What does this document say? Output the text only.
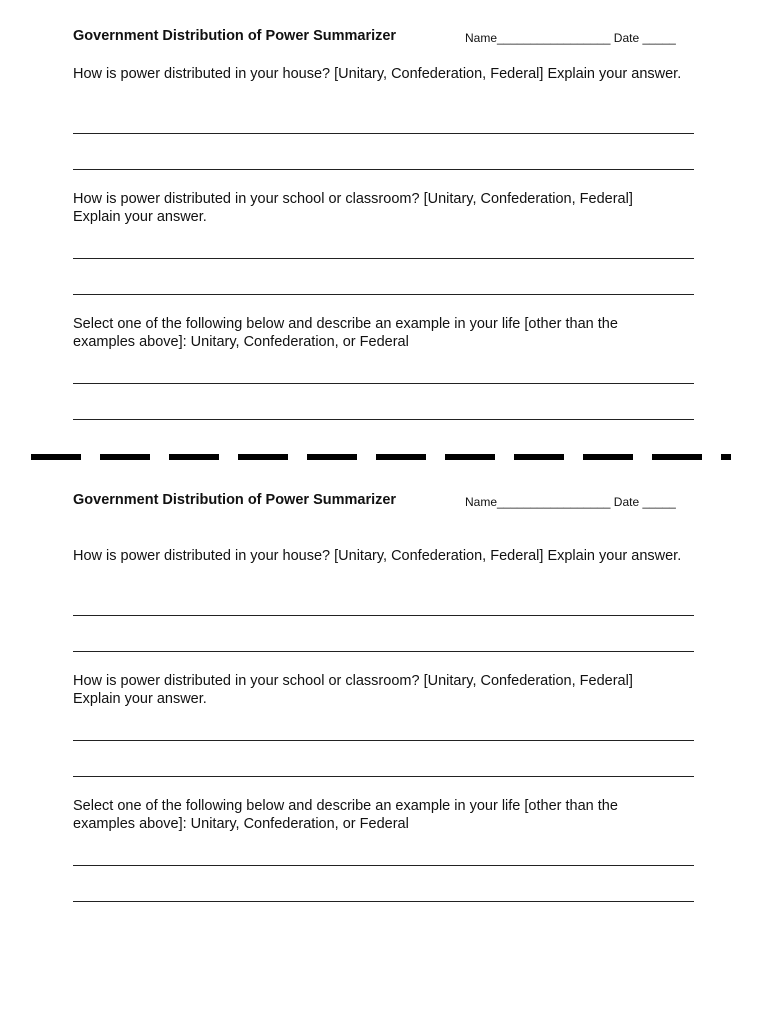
Government Distribution of Power Summarizer	Name_________________ Date _____
How is power distributed in your house? [Unitary, Confederation, Federal] Explain your answer.
How is power distributed in your school or classroom? [Unitary, Confederation, Federal] Explain your answer.
Select one of the following below and describe an example in your life [other than the examples above]: Unitary, Confederation, or Federal
Government Distribution of Power Summarizer	Name_________________ Date _____
How is power distributed in your house? [Unitary, Confederation, Federal] Explain your answer.
How is power distributed in your school or classroom? [Unitary, Confederation, Federal] Explain your answer.
Select one of the following below and describe an example in your life [other than the examples above]: Unitary, Confederation, or Federal
